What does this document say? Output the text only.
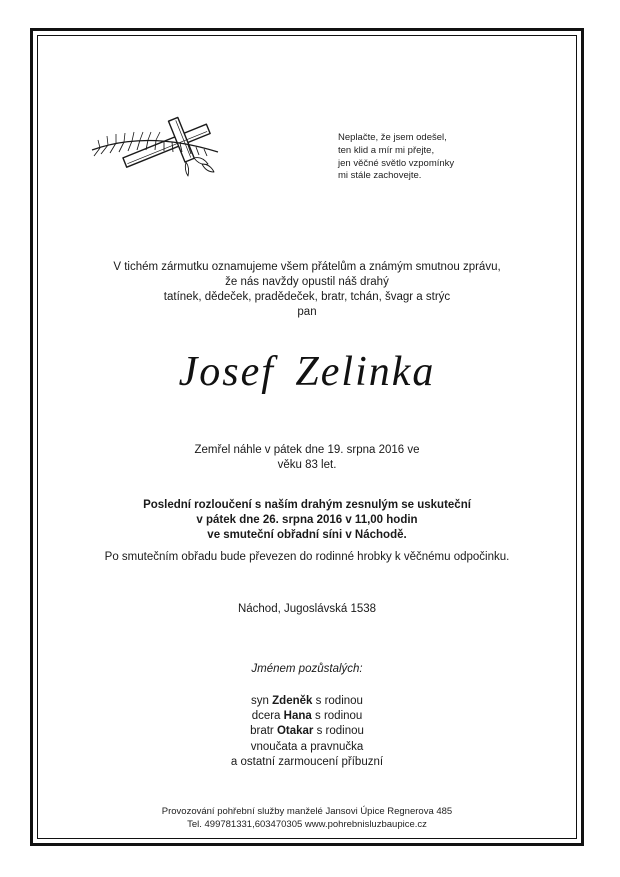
Neplačte, že jsem odešel,
ten klid a mír mi přejte,
jen věčné světlo vzpomínky
mi stále zachovejte.
V tichém zármutku oznamujeme všem přátelům a známým smutnou zprávu,
že nás navždy opustil náš drahý
tatínek, dědeček, pradědeček, bratr, tchán, švagr a strýc
pan
Josef Zelinka
Zemřel náhle v pátek dne 19. srpna 2016 ve
věku 83 let.
Poslední rozloučení s naším drahým zesnulým se uskuteční
v pátek dne 26. srpna 2016 v 11,00 hodin
ve smuteční obřadní síni v Náchodě.
Po smutečním obřadu bude převezen do rodinné hrobky k věčnému odpočinku.
Náchod, Jugoslávská 1538
Jménem pozůstalých:
syn Zdeněk s rodinou
dcera Hana s rodinou
bratr Otakar s rodinou
vnoučata a pravnučka
a ostatní zarmoucení příbuzní
Provozování pohřební služby manželé Jansovi Úpice Regnerova 485
Tel. 499781331,603470305 www.pohrebnisluzbaupice.cz
